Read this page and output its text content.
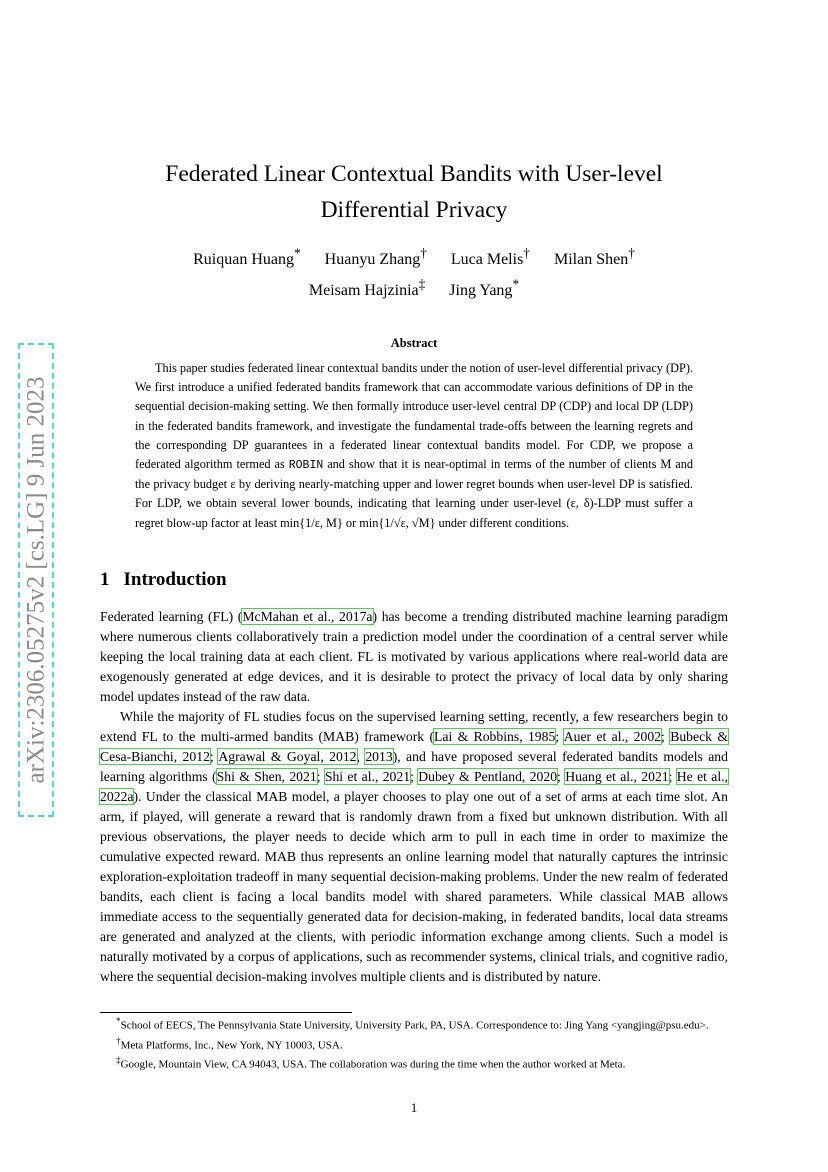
arXiv:2306.05275v2 [cs.LG] 9 Jun 2023
Federated Linear Contextual Bandits with User-level
Differential Privacy
Ruiquan Huang* Huanyu Zhang† Luca Melis† Milan Shen†
Meisam Hajzinia‡ Jing Yang*
Abstract

This paper studies federated linear contextual bandits under the notion of user-level differential privacy (DP). We first introduce a unified federated bandits framework that can accommodate various definitions of DP in the sequential decision-making setting. We then formally introduce user-level central DP (CDP) and local DP (LDP) in the federated bandits framework, and investigate the fundamental trade-offs between the learning regrets and the corresponding DP guarantees in a federated linear contextual bandits model. For CDP, we propose a federated algorithm termed as ROBIN and show that it is near-optimal in terms of the number of clients M and the privacy budget ε by deriving nearly-matching upper and lower regret bounds when user-level DP is satisfied. For LDP, we obtain several lower bounds, indicating that learning under user-level (ε, δ)-LDP must suffer a regret blow-up factor at least min{1/ε, M} or min{1/√ε, √M} under different conditions.

1 Introduction

Federated learning (FL) (McMahan et al., 2017a) has become a trending distributed machine learning paradigm where numerous clients collaboratively train a prediction model under the coordination of a central server while keeping the local training data at each client. FL is motivated by various applications where real-world data are exogenously generated at edge devices, and it is desirable to protect the privacy of local data by only sharing model updates instead of the raw data.

While the majority of FL studies focus on the supervised learning setting, recently, a few researchers begin to extend FL to the multi-armed bandits (MAB) framework (Lai & Robbins, 1985; Auer et al., 2002; Bubeck & Cesa-Bianchi, 2012; Agrawal & Goyal, 2012, 2013), and have proposed several federated bandits models and learning algorithms (Shi & Shen, 2021; Shi et al., 2021; Dubey & Pentland, 2020; Huang et al., 2021; He et al., 2022a). Under the classical MAB model, a player chooses to play one out of a set of arms at each time slot. An arm, if played, will generate a reward that is randomly drawn from a fixed but unknown distribution. With all previous observations, the player needs to decide which arm to pull in each time in order to maximize the cumulative expected reward. MAB thus represents an online learning model that naturally captures the intrinsic exploration-exploitation tradeoff in many sequential decision-making problems. Under the new realm of federated bandits, each client is facing a local bandits model with shared parameters. While classical MAB allows immediate access to the sequentially generated data for decision-making, in federated bandits, local data streams are generated and analyzed at the clients, with periodic information exchange among clients. Such a model is naturally motivated by a corpus of applications, such as recommender systems, clinical trials, and cognitive radio, where the sequential decision-making involves multiple clients and is distributed by nature.

*School of EECS, The Pennsylvania State University, University Park, PA, USA. Correspondence to: Jing Yang <yangjing@psu.edu>.

†Meta Platforms, Inc., New York, NY 10003, USA.

‡Google, Mountain View, CA 94043, USA. The collaboration was during the time when the author worked at Meta.

1
